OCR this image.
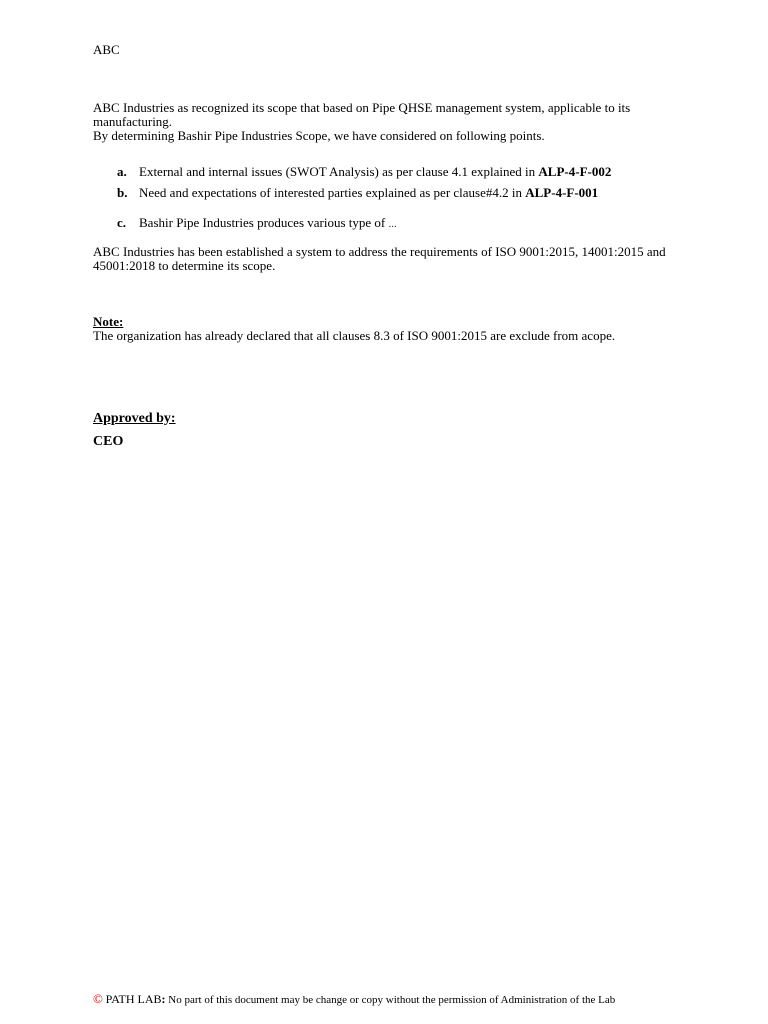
ABC

ABC Industries as recognized its scope that based on Pipe QHSE management system, applicable to its manufacturing.

By determining Bashir Pipe Industries Scope, we have considered on following points.

a. External and internal issues (SWOT Analysis) as per clause 4.1 explained in ALP-4-F-002
b. Need and expectations of interested parties explained as per clause#4.2 in ALP-4-F-001
c. Bashir Pipe Industries produces various type of ...

ABC Industries has been established a system to address the requirements of ISO 9001:2015, 14001:2015 and 45001:2018 to determine its scope.

Note:
The organization has already declared that all clauses 8.3 of ISO 9001:2015 are exclude from acope.
Approved by:
CEO
© PATH LAB: No part of this document may be change or copy without the permission of Administration of the Lab
